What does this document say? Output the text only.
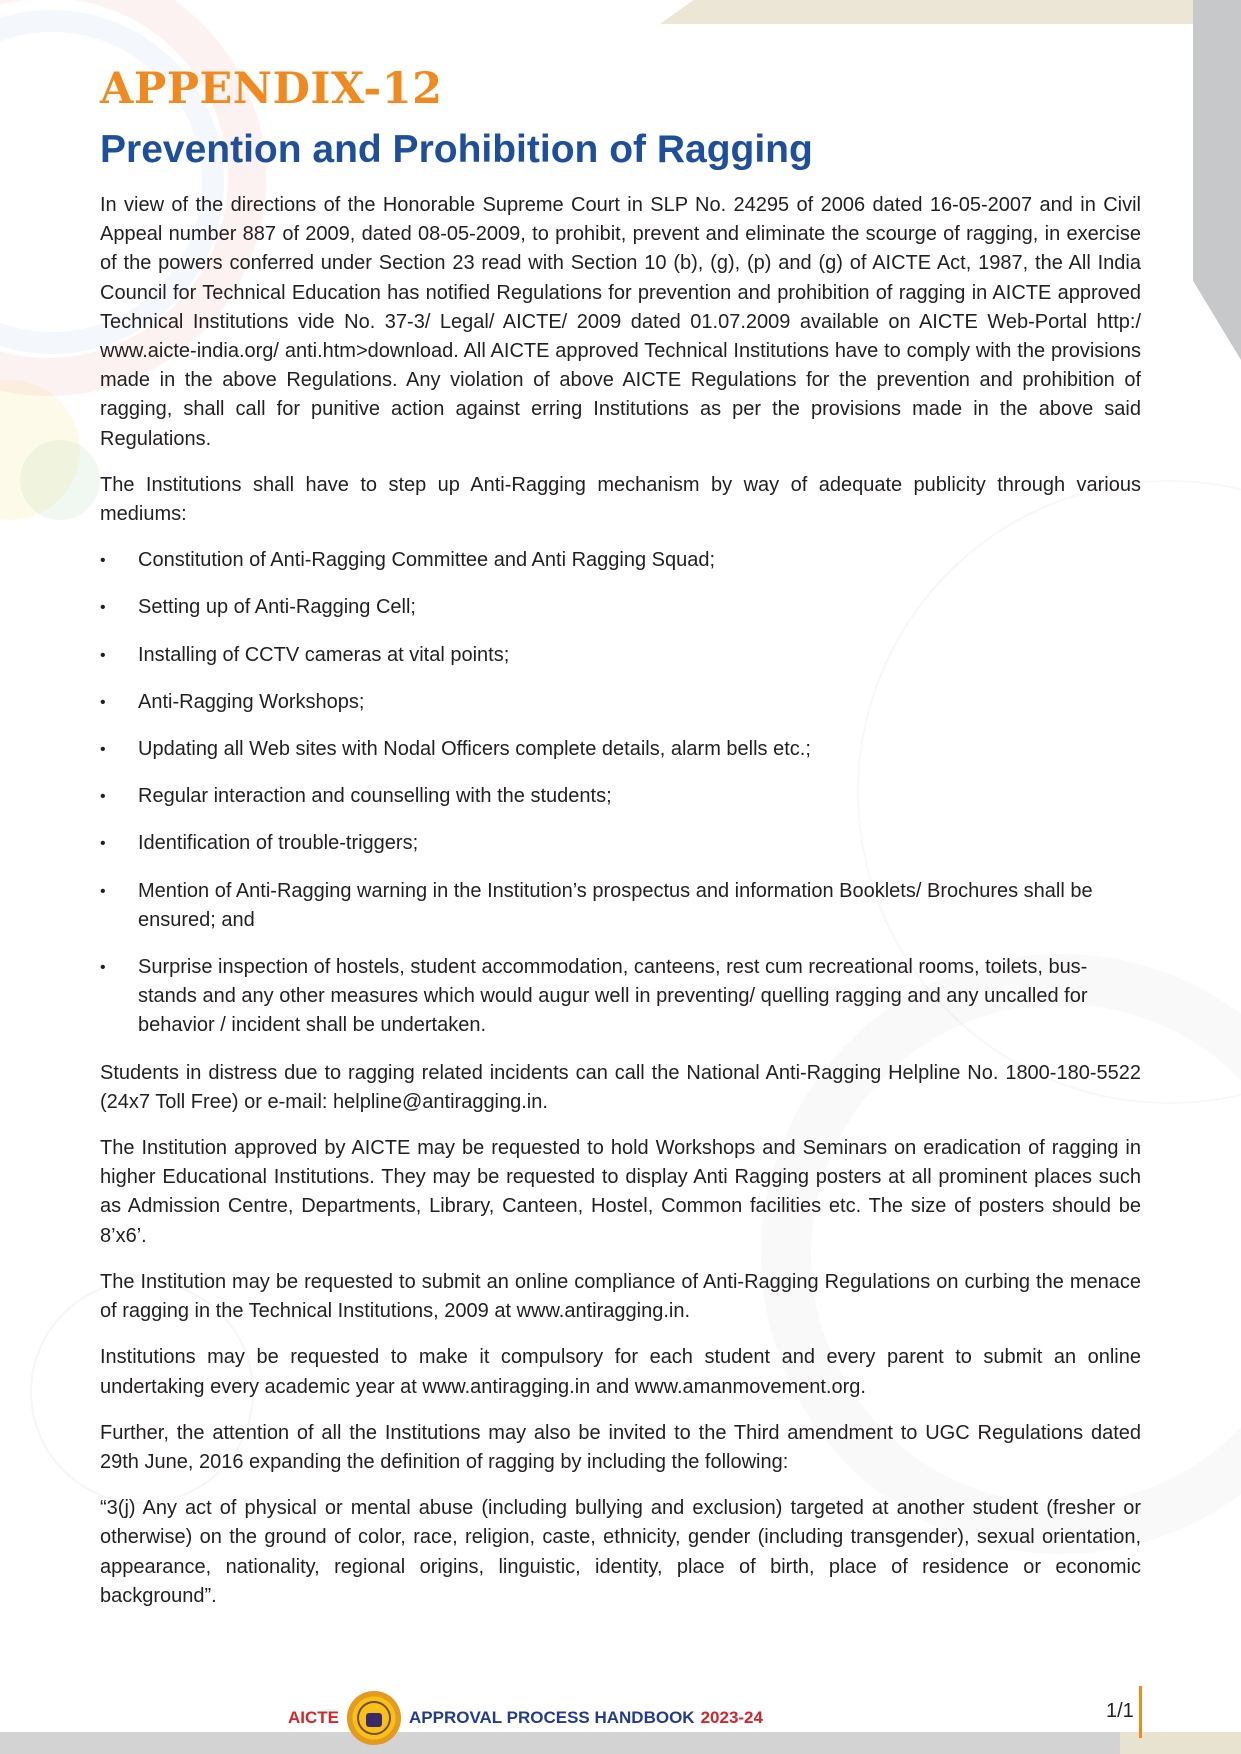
APPENDIX-12
Prevention and Prohibition of Ragging

In view of the directions of the Honorable Supreme Court in SLP No. 24295 of 2006 dated 16-05-2007 and in Civil Appeal number 887 of 2009, dated 08-05-2009, to prohibit, prevent and eliminate the scourge of ragging, in exercise of the powers conferred under Section 23 read with Section 10 (b), (g), (p) and (g) of AICTE Act, 1987, the All India Council for Technical Education has notified Regulations for prevention and prohibition of ragging in AICTE approved Technical Institutions vide No. 37-3/ Legal/ AICTE/ 2009 dated 01.07.2009 available on AICTE Web-Portal http:/ www.aicte-india.org/ anti.htm>download. All AICTE approved Technical Institutions have to comply with the provisions made in the above Regulations. Any violation of above AICTE Regulations for the prevention and prohibition of ragging, shall call for punitive action against erring Institutions as per the provisions made in the above said Regulations.

The Institutions shall have to step up Anti-Ragging mechanism by way of adequate publicity through various mediums:

• Constitution of Anti-Ragging Committee and Anti Ragging Squad;
• Setting up of Anti-Ragging Cell;
• Installing of CCTV cameras at vital points;
• Anti-Ragging Workshops;
• Updating all Web sites with Nodal Officers complete details, alarm bells etc.;
• Regular interaction and counselling with the students;
• Identification of trouble-triggers;
• Mention of Anti-Ragging warning in the Institution’s prospectus and information Booklets/ Brochures shall be ensured; and
• Surprise inspection of hostels, student accommodation, canteens, rest cum recreational rooms, toilets, bus-stands and any other measures which would augur well in preventing/ quelling ragging and any uncalled for behavior / incident shall be undertaken.

Students in distress due to ragging related incidents can call the National Anti-Ragging Helpline No. 1800-180-5522 (24x7 Toll Free) or e-mail: helpline@antiragging.in.

The Institution approved by AICTE may be requested to hold Workshops and Seminars on eradication of ragging in higher Educational Institutions. They may be requested to display Anti Ragging posters at all prominent places such as Admission Centre, Departments, Library, Canteen, Hostel, Common facilities etc. The size of posters should be 8’x6’.

The Institution may be requested to submit an online compliance of Anti-Ragging Regulations on curbing the menace of ragging in the Technical Institutions, 2009 at www.antiragging.in.

Institutions may be requested to make it compulsory for each student and every parent to submit an online undertaking every academic year at www.antiragging.in and www.amanmovement.org.

Further, the attention of all the Institutions may also be invited to the Third amendment to UGC Regulations dated 29th June, 2016 expanding the definition of ragging by including the following:

“3(j) Any act of physical or mental abuse (including bullying and exclusion) targeted at another student (fresher or otherwise) on the ground of color, race, religion, caste, ethnicity, gender (including transgender), sexual orientation, appearance, nationality, regional origins, linguistic, identity, place of birth, place of residence or economic background”.

AICTE	APPROVAL PROCESS HANDBOOK 2023-24	1/1
